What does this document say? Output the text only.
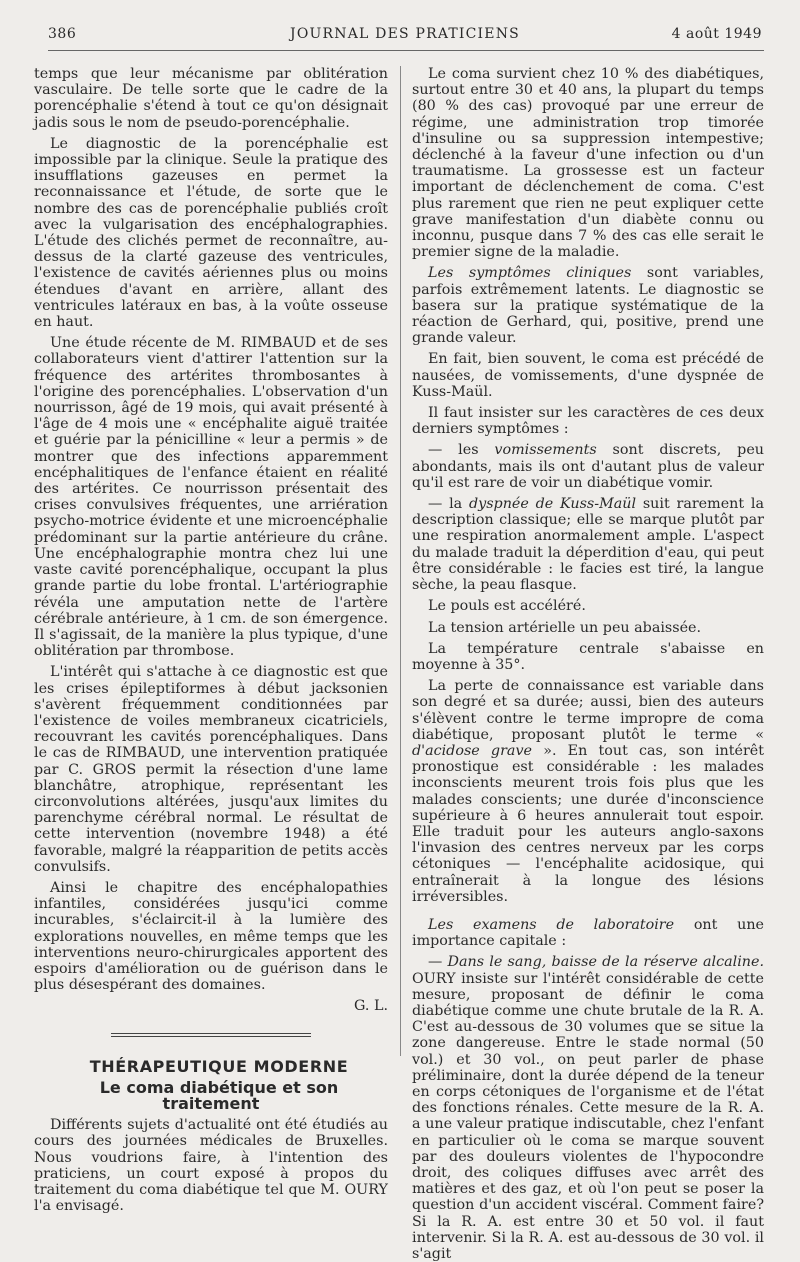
386	JOURNAL DES PRATICIENS	4 août 1949

temps que leur mécanisme par oblitération vasculaire. De telle sorte que le cadre de la porencéphalie s'étend à tout ce qu'on désignait jadis sous le nom de pseudo-porencéphalie.

Le diagnostic de la porencéphalie est impossible par la clinique. Seule la pratique des insufflations gazeuses en permet la reconnaissance et l'étude, de sorte que le nombre des cas de porencéphalie publiés croît avec la vulgarisation des encéphalographies. L'étude des clichés permet de reconnaître, au-dessus de la clarté gazeuse des ventricules, l'existence de cavités aériennes plus ou moins étendues d'avant en arrière, allant des ventricules latéraux en bas, à la voûte osseuse en haut.

Une étude récente de M. RIMBAUD et de ses collaborateurs vient d'attirer l'attention sur la fréquence des artérites thrombosantes à l'origine des porencéphalies. L'observation d'un nourrisson, âgé de 19 mois, qui avait présenté à l'âge de 4 mois une « encéphalite aiguë traitée et guérie par la pénicilline « leur a permis » de montrer que des infections apparemment encéphalitiques de l'enfance étaient en réalité des artérites. Ce nourrisson présentait des crises convulsives fréquentes, une arriération psycho-motrice évidente et une microencéphalie prédominant sur la partie antérieure du crâne. Une encéphalographie montra chez lui une vaste cavité porencéphalique, occupant la plus grande partie du lobe frontal. L'artériographie révéla une amputation nette de l'artère cérébrale antérieure, à 1 cm. de son émergence. Il s'agissait, de la manière la plus typique, d'une oblitération par thrombose.

L'intérêt qui s'attache à ce diagnostic est que les crises épileptiformes à début jacksonien s'avèrent fréquemment conditionnées par l'existence de voiles membraneux cicatriciels, recouvrant les cavités porencéphaliques. Dans le cas de RIMBAUD, une intervention pratiquée par C. GROS permit la résection d'une lame blanchâtre, atrophique, représentant les circonvolutions altérées, jusqu'aux limites du parenchyme cérébral normal. Le résultat de cette intervention (novembre 1948) a été favorable, malgré la réapparition de petits accès convulsifs.

Ainsi le chapitre des encéphalopathies infantiles, considérées jusqu'ici comme incurables, s'éclaircit-il à la lumière des explorations nouvelles, en même temps que les interventions neuro-chirurgicales apportent des espoirs d'amélioration ou de guérison dans le plus désespérant des domaines.

G. L.

THÉRAPEUTIQUE MODERNE

Le coma diabétique et son traitement

Différents sujets d'actualité ont été étudiés au cours des journées médicales de Bruxelles. Nous voudrions faire, à l'intention des praticiens, un court exposé à propos du traitement du coma diabétique tel que M. OURY l'a envisagé.

Le coma survient chez 10 % des diabétiques, surtout entre 30 et 40 ans, la plupart du temps (80 % des cas) provoqué par une erreur de régime, une administration trop timorée d'insuline ou sa suppression intempestive; déclenché à la faveur d'une infection ou d'un traumatisme. La grossesse est un facteur important de déclenchement de coma. C'est plus rarement que rien ne peut expliquer cette grave manifestation d'un diabète connu ou inconnu, pusque dans 7 % des cas elle serait le premier signe de la maladie.

Les symptômes cliniques sont variables, parfois extrêmement latents. Le diagnostic se basera sur la pratique systématique de la réaction de Gerhard, qui, positive, prend une grande valeur.

En fait, bien souvent, le coma est précédé de nausées, de vomissements, d'une dyspnée de Kuss-Maül.

Il faut insister sur les caractères de ces deux derniers symptômes :

— les vomissements sont discrets, peu abondants, mais ils ont d'autant plus de valeur qu'il est rare de voir un diabétique vomir.

— la dyspnée de Kuss-Maül suit rarement la description classique; elle se marque plutôt par une respiration anormalement ample. L'aspect du malade traduit la déperdition d'eau, qui peut être considérable : le facies est tiré, la langue sèche, la peau flasque.

Le pouls est accéléré.

La tension artérielle un peu abaissée.

La température centrale s'abaisse en moyenne à 35°.

La perte de connaissance est variable dans son degré et sa durée; aussi, bien des auteurs s'élèvent contre le terme impropre de coma diabétique, proposant plutôt le terme « d'acidose grave ». En tout cas, son intérêt pronostique est considérable : les malades inconscients meurent trois fois plus que les malades conscients; une durée d'inconscience supérieure à 6 heures annulerait tout espoir. Elle traduit pour les auteurs anglo-saxons l'invasion des centres nerveux par les corps cétoniques — l'encéphalite acidosique, qui entraînerait à la longue des lésions irréversibles.

Les examens de laboratoire ont une importance capitale :

— Dans le sang, baisse de la réserve alcaline. OURY insiste sur l'intérêt considérable de cette mesure, proposant de définir le coma diabétique comme une chute brutale de la R. A. C'est au-dessous de 30 volumes que se situe la zone dangereuse. Entre le stade normal (50 vol.) et 30 vol., on peut parler de phase préliminaire, dont la durée dépend de la teneur en corps cétoniques de l'organisme et de l'état des fonctions rénales. Cette mesure de la R. A. a une valeur pratique indiscutable, chez l'enfant en particulier où le coma se marque souvent par des douleurs violentes de l'hypocondre droit, des coliques diffuses avec arrêt des matières et des gaz, et où l'on peut se poser la question d'un accident viscéral. Comment faire? Si la R. A. est entre 30 et 50 vol. il faut intervenir. Si la R. A. est au-dessous de 30 vol. il s'agit
